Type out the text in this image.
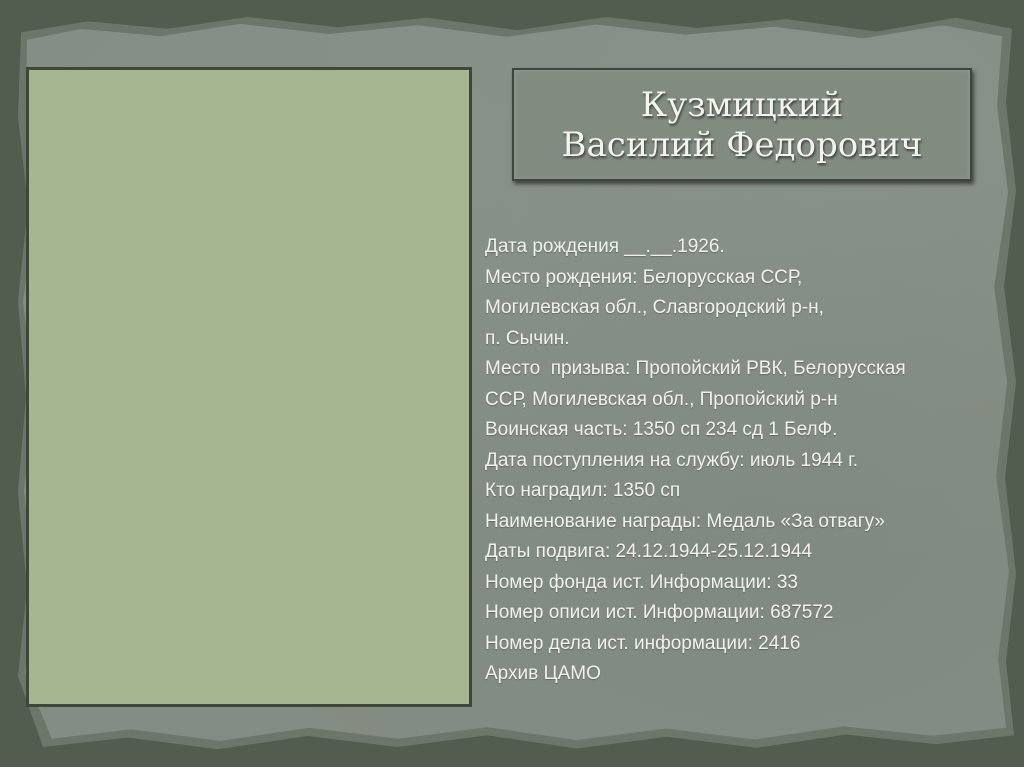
Кузмицкий
Василий Федорович
Дата рождения __.__.1926.
Место рождения: Белорусская ССР,
Могилевская обл., Славгородский р-н,
п. Сычин.
Место  призыва: Пропойский РВК, Белорусская
ССР, Могилевская обл., Пропойский р-н
Воинская часть: 1350 сп 234 сд 1 БелФ.
Дата поступления на службу: июль 1944 г.
Кто наградил: 1350 сп
Наименование награды: Медаль «За отвагу»
Даты подвига: 24.12.1944-25.12.1944
Номер фонда ист. Информации: 33
Номер описи ист. Информации: 687572
Номер дела ист. информации: 2416
Архив ЦАМО
